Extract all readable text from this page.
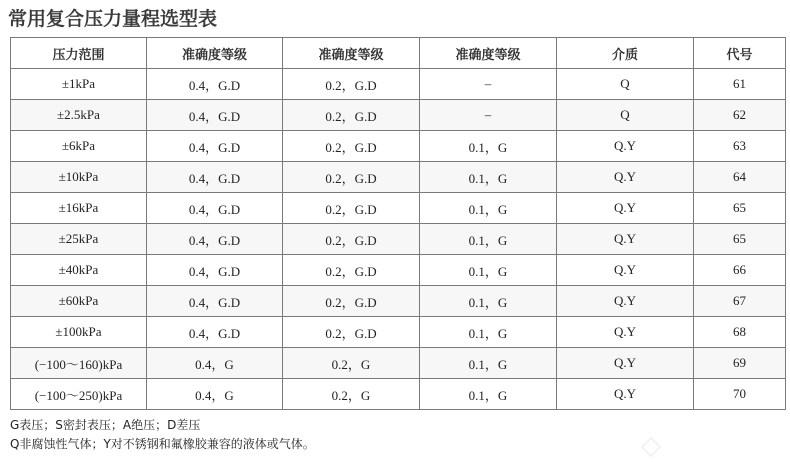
常用复合压力量程选型表
压力范围	准确度等级	准确度等级	准确度等级	介质	代号
±1kPa	0.4，G.D	0.2，G.D	–	Q	61
±2.5kPa	0.4，G.D	0.2，G.D	–	Q	62
±6kPa	0.4，G.D	0.2，G.D	0.1，G	Q.Y	63
±10kPa	0.4，G.D	0.2，G.D	0.1，G	Q.Y	64
±16kPa	0.4，G.D	0.2，G.D	0.1，G	Q.Y	65
±25kPa	0.4，G.D	0.2，G.D	0.1，G	Q.Y	65
±40kPa	0.4，G.D	0.2，G.D	0.1，G	Q.Y	66
±60kPa	0.4，G.D	0.2，G.D	0.1，G	Q.Y	67
±100kPa	0.4，G.D	0.2，G.D	0.1，G	Q.Y	68
(−100～160)kPa	0.4，G	0.2，G	0.1，G	Q.Y	69
(−100～250)kPa	0.4，G	0.2，G	0.1，G	Q.Y	70
G表压；S密封表压；A绝压；D差压
Q非腐蚀性气体；Y对不锈钢和氟橡胶兼容的液体或气体。
